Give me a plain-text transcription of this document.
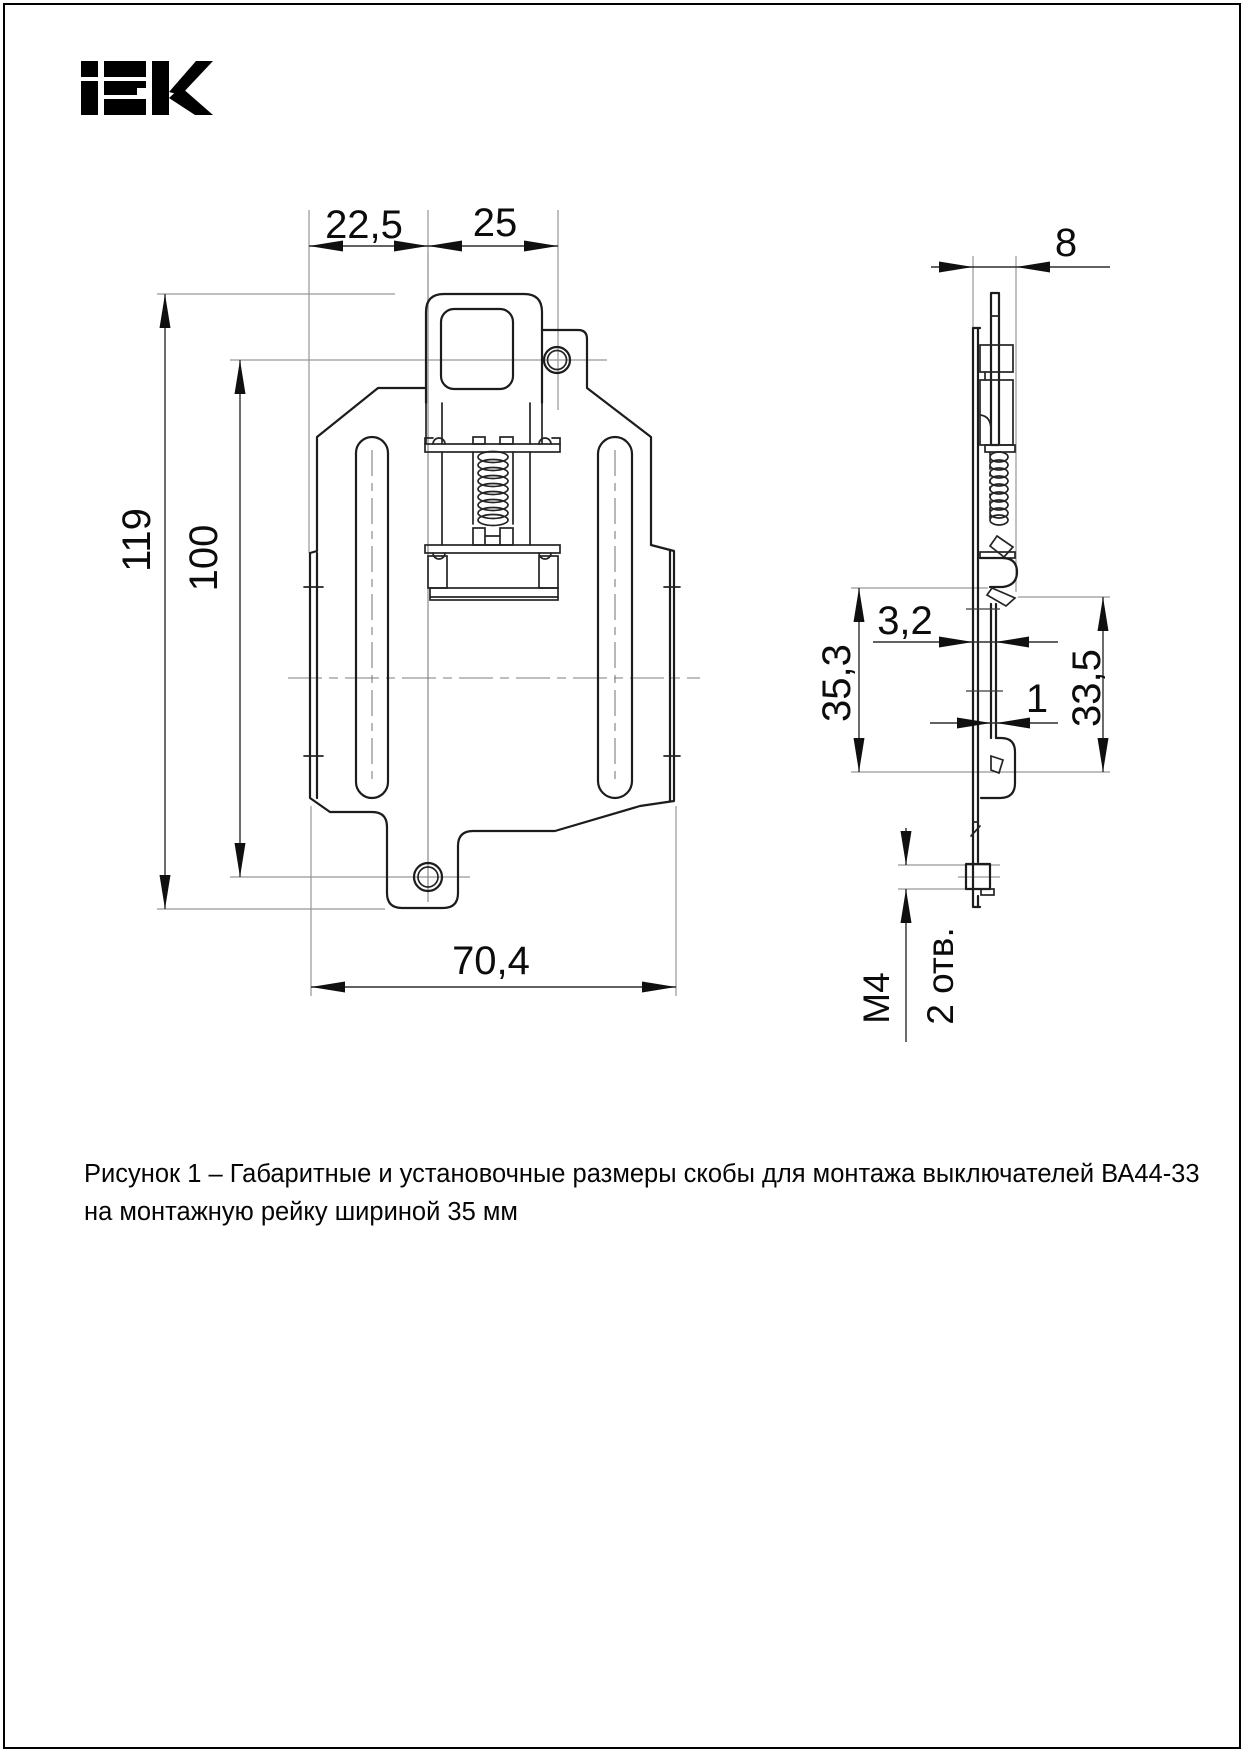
22,5 25
119 100
70,4
8
3,2
35,3	1 33,5
M4 2 отв.
Рисунок 1 – Габаритные и установочные размеры скобы для монтажа выключателей ВА44-33
на монтажную рейку шириной 35 мм
